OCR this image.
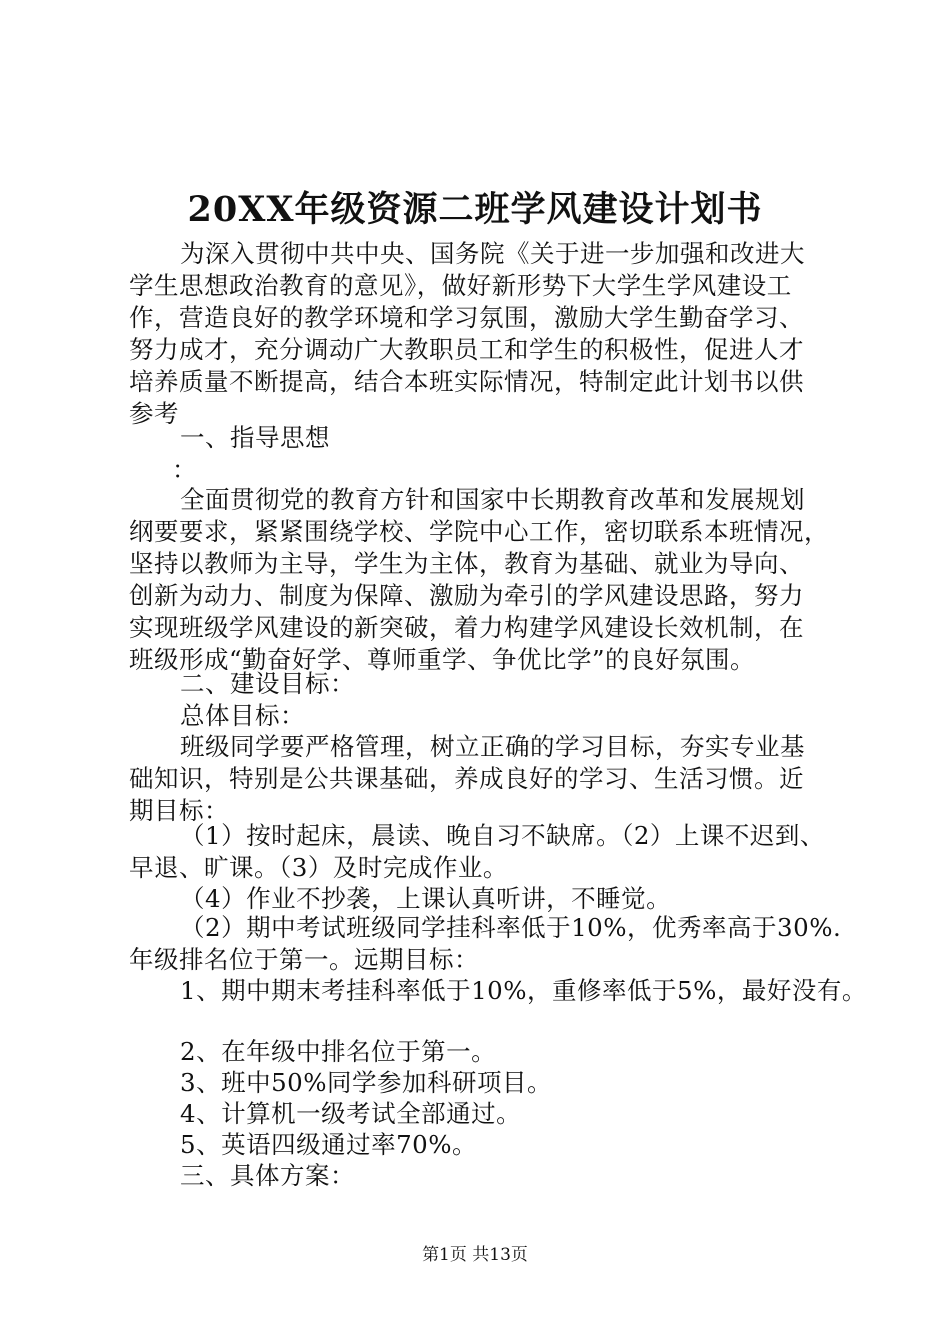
20XX年级资源二班学风建设计划书
为深入贯彻中共中央、国务院《关于进一步加强和改进大
学生思想政治教育的意见》，做好新形势下大学生学风建设工
作，营造良好的教学环境和学习氛围，激励大学生勤奋学习、
努力成才，充分调动广大教职员工和学生的积极性，促进人才
培养质量不断提高，结合本班实际情况，特制定此计划书以供
参考
一、指导思想
：
全面贯彻党的教育方针和国家中长期教育改革和发展规划
纲要要求，紧紧围绕学校、学院中心工作，密切联系本班情况，
坚持以教师为主导，学生为主体，教育为基础、就业为导向、
创新为动力、制度为保障、激励为牵引的学风建设思路，努力
实现班级学风建设的新突破，着力构建学风建设长效机制，在
班级形成“勤奋好学、尊师重学、争优比学”的良好氛围。
二、建设目标：
总体目标：
班级同学要严格管理，树立正确的学习目标，夯实专业基
础知识，特别是公共课基础，养成良好的学习、生活习惯。近
期目标：
（1）按时起床，晨读、晚自习不缺席。（2）上课不迟到、
早退、旷课。（3）及时完成作业。
（4）作业不抄袭，上课认真听讲，不睡觉。
（2）期中考试班级同学挂科率低于10%，优秀率高于30%.
年级排名位于第一。远期目标：
1、期中期末考挂科率低于10%，重修率低于5%，最好没有。
2、在年级中排名位于第一。
3、班中50%同学参加科研项目。
4、计算机一级考试全部通过。
5、英语四级通过率70%。
三、具体方案：
第1页 共13页
